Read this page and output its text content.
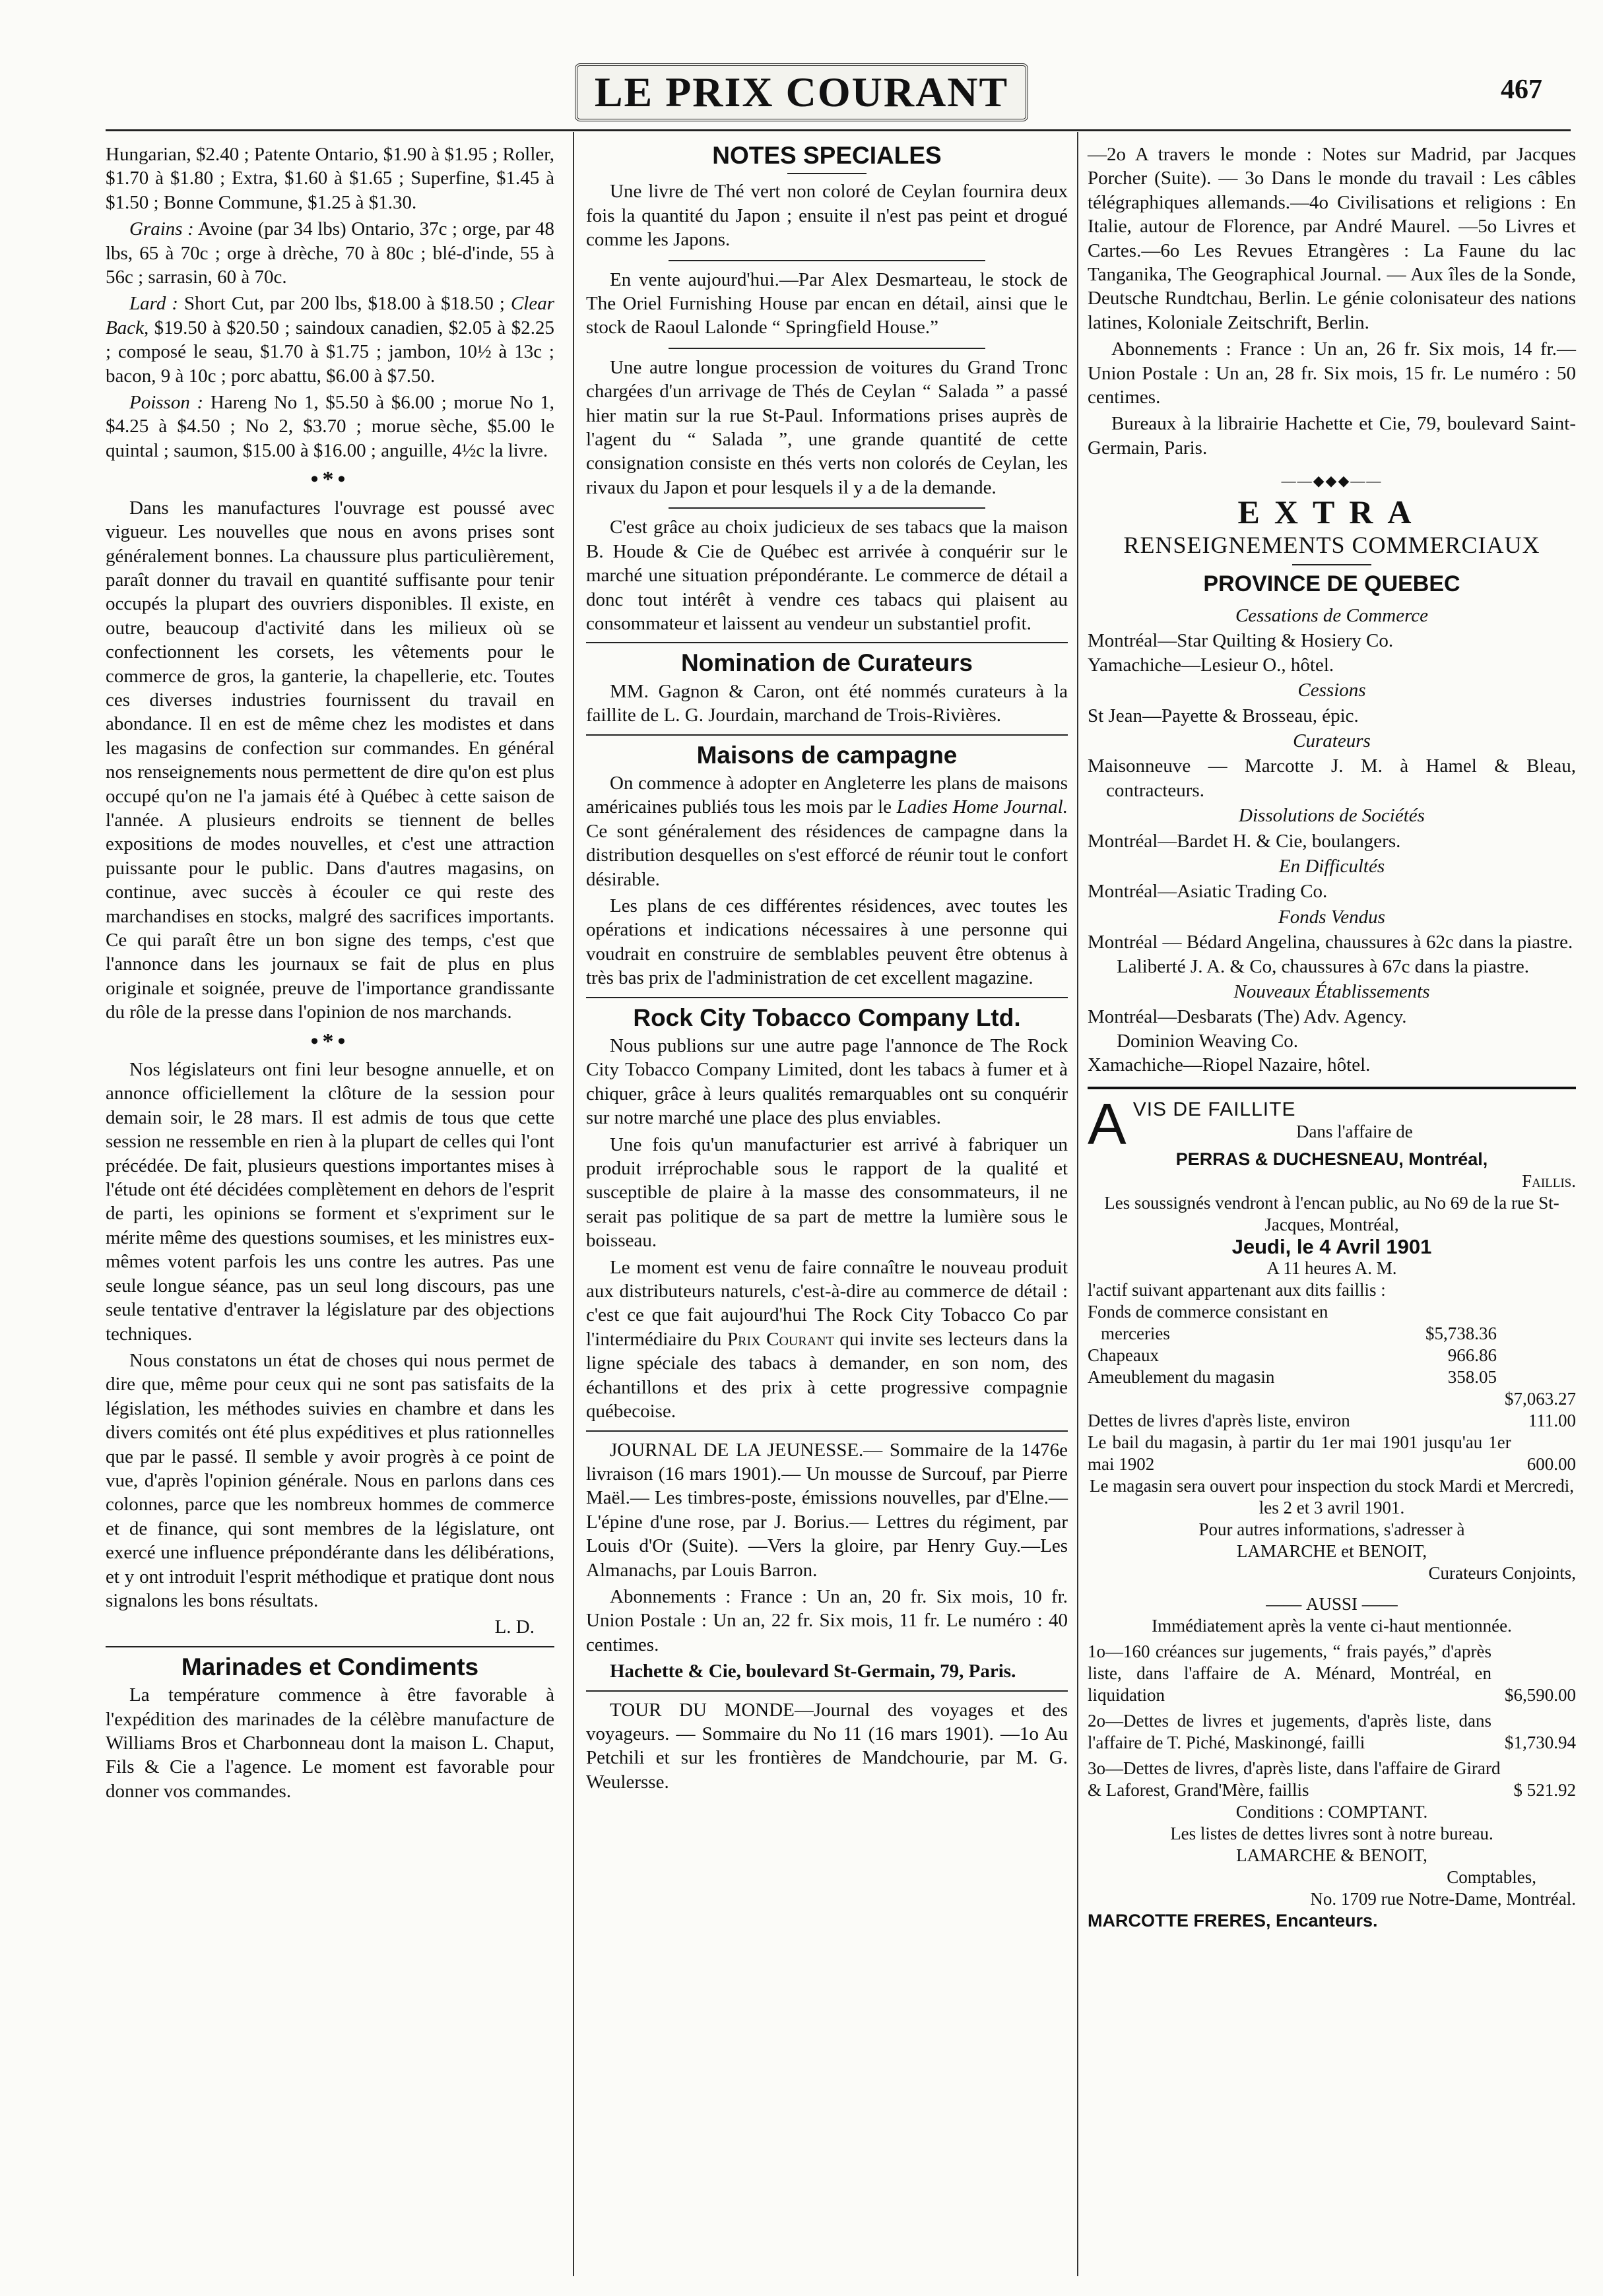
LE PRIX COURANT	467

Hungarian, $2.40 ; Patente Ontario, $1.90 à $1.95 ; Roller, $1.70 à $1.80 ; Extra, $1.60 à $1.65 ; Superfine, $1.45 à $1.50 ; Bonne Commune, $1.25 à $1.30.

Grains : Avoine (par 34 lbs) Ontario, 37c ; orge, par 48 lbs, 65 à 70c ; orge à drèche, 70 à 80c ; blé-d'inde, 55 à 56c ; sarrasin, 60 à 70c.

Lard : Short Cut, par 200 lbs, $18.00 à $18.50 ; Clear Back, $19.50 à $20.50 ; saindoux canadien, $2.05 à $2.25 ; composé le seau, $1.70 à $1.75 ; jambon, 10½ à 13c ; bacon, 9 à 10c ; porc abattu, $6.00 à $7.50.

Poisson : Hareng No 1, $5.50 à $6.00 ; morue No 1, $4.25 à $4.50 ; No 2, $3.70 ; morue sèche, $5.00 le quintal ; saumon, $15.00 à $16.00 ; anguille, 4½c la livre.

•*•

Dans les manufactures l'ouvrage est poussé avec vigueur. Les nouvelles que nous en avons prises sont généralement bonnes. La chaussure plus particulièrement, paraît donner du travail en quantité suffisante pour tenir occupés la plupart des ouvriers disponibles. Il existe, en outre, beaucoup d'activité dans les milieux où se confectionnent les corsets, les vêtements pour le commerce de gros, la ganterie, la chapellerie, etc. Toutes ces diverses industries fournissent du travail en abondance. Il en est de même chez les modistes et dans les magasins de confection sur commandes. En général nos renseignements nous permettent de dire qu'on est plus occupé qu'on ne l'a jamais été à Québec à cette saison de l'année. A plusieurs endroits se tiennent de belles expositions de modes nouvelles, et c'est une attraction puissante pour le public. Dans d'autres magasins, on continue, avec succès à écouler ce qui reste des marchandises en stocks, malgré des sacrifices importants. Ce qui paraît être un bon signe des temps, c'est que l'annonce dans les journaux se fait de plus en plus originale et soignée, preuve de l'importance grandissante du rôle de la presse dans l'opinion de nos marchands.

•*•

Nos législateurs ont fini leur besogne annuelle, et on annonce officiellement la clôture de la session pour demain soir, le 28 mars. Il est admis de tous que cette session ne ressemble en rien à la plupart de celles qui l'ont précédée. De fait, plusieurs questions importantes mises à l'étude ont été décidées complètement en dehors de l'esprit de parti, les opinions se forment et s'expriment sur le mérite même des questions soumises, et les ministres eux-mêmes votent parfois les uns contre les autres. Pas une seule longue séance, pas un seul long discours, pas une seule tentative d'entraver la législature par des objections techniques.

Nous constatons un état de choses qui nous permet de dire que, même pour ceux qui ne sont pas satisfaits de la législation, les méthodes suivies en chambre et dans les divers comités ont été plus expéditives et plus rationnelles que par le passé. Il semble y avoir progrès à ce point de vue, d'après l'opinion générale. Nous en parlons dans ces colonnes, parce que les nombreux hommes de commerce et de finance, qui sont membres de la législature, ont exercé une influence prépondérante dans les délibérations, et y ont introduit l'esprit méthodique et pratique dont nous signalons les bons résultats.

L. D.
Marinades et Condiments

La température commence à être favorable à l'expédition des marinades de la célèbre manufacture de Williams Bros et Charbonneau dont la maison L. Chaput, Fils & Cie a l'agence. Le moment est favorable pour donner vos commandes.

NOTES SPECIALES

Une livre de Thé vert non coloré de Ceylan fournira deux fois la quantité du Japon ; ensuite il n'est pas peint et drogué comme les Japons.

En vente aujourd'hui.—Par Alex Desmarteau, le stock de The Oriel Furnishing House par encan en détail, ainsi que le stock de Raoul Lalonde “ Springfield House.”

Une autre longue procession de voitures du Grand Tronc chargées d'un arrivage de Thés de Ceylan “ Salada ” a passé hier matin sur la rue St-Paul. Informations prises auprès de l'agent du “ Salada ”, une grande quantité de cette consignation consiste en thés verts non colorés de Ceylan, les rivaux du Japon et pour lesquels il y a de la demande.

C'est grâce au choix judicieux de ses tabacs que la maison B. Houde & Cie de Québec est arrivée à conquérir sur le marché une situation prépondérante. Le commerce de détail a donc tout intérêt à vendre ces tabacs qui plaisent au consommateur et laissent au vendeur un substantiel profit.

Nomination de Curateurs

MM. Gagnon & Caron, ont été nommés curateurs à la faillite de L. G. Jourdain, marchand de Trois-Rivières.

Maisons de campagne

On commence à adopter en Angleterre les plans de maisons américaines publiés tous les mois par le Ladies Home Journal. Ce sont généralement des résidences de campagne dans la distribution desquelles on s'est efforcé de réunir tout le confort désirable.

Les plans de ces différentes résidences, avec toutes les opérations et indications nécessaires à une personne qui voudrait en construire de semblables peuvent être obtenus à très bas prix de l'administration de cet excellent magazine.

Rock City Tobacco Company Ltd.

Nous publions sur une autre page l'annonce de The Rock City Tobacco Company Limited, dont les tabacs à fumer et à chiquer, grâce à leurs qualités remarquables ont su conquérir sur notre marché une place des plus enviables.

Une fois qu'un manufacturier est arrivé à fabriquer un produit irréprochable sous le rapport de la qualité et susceptible de plaire à la masse des consommateurs, il ne serait pas politique de sa part de mettre la lumière sous le boisseau.

Le moment est venu de faire connaître le nouveau produit aux distributeurs naturels, c'est-à-dire au commerce de détail : c'est ce que fait aujourd'hui The Rock City Tobacco Co par l'intermédiaire du Prix Courant qui invite ses lecteurs dans la ligne spéciale des tabacs à demander, en son nom, des échantillons et des prix à cette progressive compagnie québecoise.

JOURNAL DE LA JEUNESSE.— Sommaire de la 1476e livraison (16 mars 1901).— Un mousse de Surcouf, par Pierre Maël.— Les timbres-poste, émissions nouvelles, par d'Elne.—L'épine d'une rose, par J. Borius.— Lettres du régiment, par Louis d'Or (Suite). —Vers la gloire, par Henry Guy.—Les Almanachs, par Louis Barron.

Abonnements : France : Un an, 20 fr. Six mois, 10 fr. Union Postale : Un an, 22 fr. Six mois, 11 fr. Le numéro : 40 centimes.

Hachette & Cie, boulevard St-Germain, 79, Paris.

TOUR DU MONDE—Journal des voyages et des voyageurs. — Sommaire du No 11 (16 mars 1901). —1o Au Petchili et sur les frontières de Mandchourie, par M. G. Weulersse.

—2o A travers le monde : Notes sur Madrid, par Jacques Porcher (Suite). — 3o Dans le monde du travail : Les câbles télégraphiques allemands.—4o Civilisations et religions : En Italie, autour de Florence, par André Maurel. —5o Livres et Cartes.—6o Les Revues Etrangères : La Faune du lac Tanganika, The Geographical Journal. — Aux îles de la Sonde, Deutsche Rundtchau, Berlin. Le génie colonisateur des nations latines, Koloniale Zeitschrift, Berlin.

Abonnements : France : Un an, 26 fr. Six mois, 14 fr.—Union Postale : Un an, 28 fr. Six mois, 15 fr. Le numéro : 50 centimes.

Bureaux à la librairie Hachette et Cie, 79, boulevard Saint-Germain, Paris.

——◆◆◆——
EXTRA
RENSEIGNEMENTS COMMERCIAUX
PROVINCE DE QUEBEC
Cessations de Commerce

Montréal—Star Quilting & Hosiery Co.

Yamachiche—Lesieur O., hôtel.

Cessions

St Jean—Payette & Brosseau, épic.

Curateurs

Maisonneuve — Marcotte J. M. à Hamel & Bleau, contracteurs.

Dissolutions de Sociétés

Montréal—Bardet H. & Cie, boulangers.

En Difficultés

Montréal—Asiatic Trading Co.

Fonds Vendus

Montréal — Bédard Angelina, chaussures à 62c dans la piastre.

Laliberté J. A. & Co, chaussures à 67c dans la piastre.

Nouveaux Établissements

Montréal—Desbarats (The) Adv. Agency.

Dominion Weaving Co.

Xamachiche—Riopel Nazaire, hôtel.

AVIS DE FAILLITE
Dans l'affaire de
PERRAS & DUCHESNEAU, Montréal,
Faillis.
Les soussignés vendront à l'encan public, au No 69 de la rue St-Jacques, Montréal,
Jeudi, le 4 Avril 1901
A 11 heures A. M.
l'actif suivant appartenant aux dits faillis :
Fonds de commerce consistant en
merceries	$5,738.36
Chapeaux	966.86
Ameublement du magasin	358.05
$7,063.27
Dettes de livres d'après liste, environ	111.00
Le bail du magasin, à partir du 1er mai 1901 jusqu'au 1er mai 1902	600.00
Le magasin sera ouvert pour inspection du stock Mardi et Mercredi, les 2 et 3 avril 1901.
Pour autres informations, s'adresser à
LAMARCHE et BENOIT,
Curateurs Conjoints,
—— AUSSI ——
Immédiatement après la vente ci-haut mentionnée.
1o—160 créances sur jugements, “ frais payés,” d'après liste, dans l'affaire de A. Ménard, Montréal, en liquidation	$6,590.00
2o—Dettes de livres et jugements, d'après liste, dans l'affaire de T. Piché, Maskinongé, failli	$1,730.94
3o—Dettes de livres, d'après liste, dans l'affaire de Girard & Laforest, Grand'Mère, faillis	$ 521.92
Conditions : COMPTANT.
Les listes de dettes livres sont à notre bureau.
LAMARCHE & BENOIT,
Comptables,
No. 1709 rue Notre-Dame, Montréal.
MARCOTTE FRERES, Encanteurs.
